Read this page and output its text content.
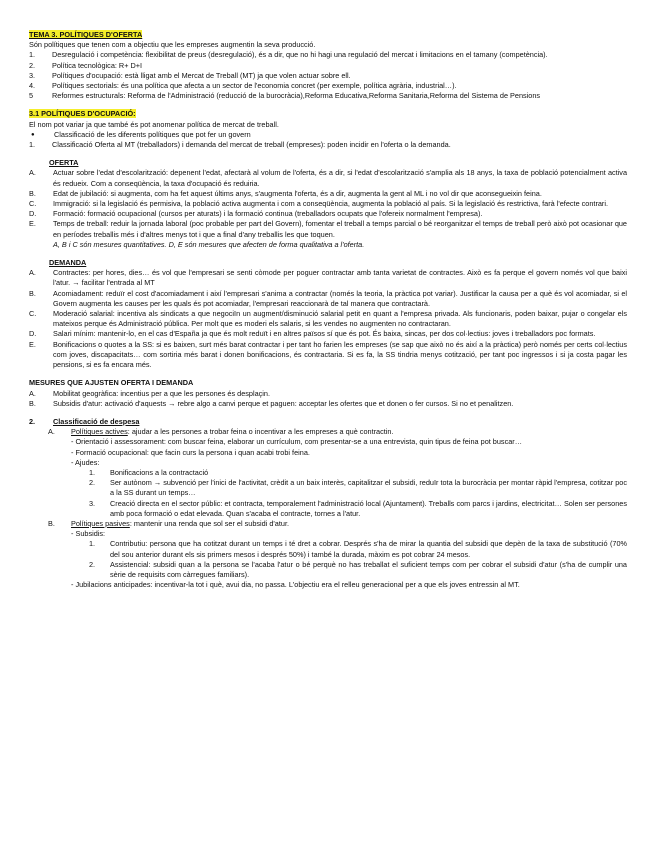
TEMA 3. POLÍTIQUES D'OFERTA
Són polítiques que tenen com a objectiu que les empreses augmentin la seva producció.
1.	Desregulació i competència: flexibilitat de preus (desregulació), és a dir, que no hi hagi una regulació del mercat i limitacions en el tamany (competència).
2.	Política tecnològica: R+ D+I
3.	Polítiques d'ocupació: està lligat amb el Mercat de Treball (MT) ja que volen actuar sobre ell.
4.	Polítiques sectorials: és una política que afecta a un sector de l'economia concret (per exemple, política agrària, industrial…).
5	Reformes estructurals: Reforma de l'Administració (reducció de la burocràcia),Reforma Educativa,Reforma Sanitaria,Reforma del Sistema de Pensions
3.1 POLÍTIQUES D'OCUPACIÓ:
El nom pot variar ja que també és pot anomenar política de mercat de treball.
●	Classificació de les diferents polítiques que pot fer un govern
1.	Classificació Oferta al MT (treballadors) i demanda del mercat de treball (empreses): poden incidir en l'oferta o la demanda.
OFERTA
A.	Actuar sobre l'edat d'escolarització: depenent l'edat, afectarà al volum de l'oferta, és a dir, si l'edat d'escolarització s'amplia als 18 anys, la taxa de població potencialment activa és redueix. Com a conseqüència, la taxa d'ocupació és reduiria.
B.	Edat de jubilació: si augmenta, com ha fet aquest últims anys, s'augmenta l'oferta, és a dir, augmenta la gent al ML i no vol dir que aconsegueixin feina.
C.	Immigració: si la legislació és permisiva, la població activa augmenta i com a conseqüència, augmenta la població al país. Si la legislació és restrictiva, farà l'efecte contrari.
D.	Formació: formació ocupacional (cursos per aturats) i la formació continua (treballadors ocupats que l'ofereix normalment l'empresa).
E.	Temps de treball: reduir la jornada laboral (poc probable per part del Govern), fomentar el treball a temps parcial o bé reorganitzar el temps de treball però això pot ocasionar que en períodes treballis més i d'altres menys tot i que a final d'any treballis les que toquen.
A, B i C són mesures quantitatives. D, E són mesures que afecten de forma qualitativa a l'oferta.
DEMANDA
A.	Contractes: per hores, dies… és vol que l'empresari se senti còmode per poguer contractar amb tanta varietat de contractes. Això es fa perque el govern només vol que baixi l'atur. → facilitar l'entrada al MT
B.	Acomiadament: reduïr el cost d'acomiadament i així l'empresari s'anima a contractar (només la teoria, la pràctica pot variar). Justificar la causa per a què és vol acomiadar, si el Govern augmenta les causes per les quals és pot acomiadar, l'empresari reaccionarà de tal manera que contractarà.
C.	Moderació salarial: incentiva als sindicats a que negociïn un augment/disminució salarial petit en quant a l'empresa privada. Als funcionaris, poden baixar, pujar o congelar els mateixos perque és Administració pública. Per molt que es moderi els salaris, si les vendes no augmenten no contractaran.
D.	Salari mínim: mantenir-lo, en el cas d'España ja que és molt reduït i en altres països sí que és pot. És baixa, sincas, per dos col·lectius: joves i treballadors poc formats.
E.	Bonificacions o quotes a la SS: si es baixen, surt més barat contractar i per tant ho farien les empreses (se sap que això no és així a la pràctica) però només per certs col·lectius com joves, discapacitats… com sortiria més barat i donen bonificacions, és contractaria. Si es fa, la SS tindria menys cotització, per tant poc ingressos i si ja costa pagar les pensions, si es fa encara més.
MESURES QUE AJUSTEN OFERTA I DEMANDA
A.	Mobilitat geogràfica: incentius per a que les persones és desplaçin.
B.	Subsidis d'atur: activació d'aquests → rebre algo a canvi perque et paguen: acceptar les ofertes que et donen o fer cursos. Si no et penalitzen.
2.	Classificació de despesa
A.	Polítiques actives: ajudar a les persones a trobar feina o incentivar a les empreses a què contractin.
- Orientació i assessorament: com buscar feina, elaborar un currículum, com presentar-se a una entrevista, quin tipus de feina pot buscar…
- Formació ocupacional: que facin curs la persona i quan acabi trobi feina.
- Ajudes:
1.	Bonificacions a la contractació
2.	Ser autònom → subvenció per l'inici de l'activitat, crèdit a un baix interès, capitalitzar el subsidi, reduïr tota la burocràcia per montar ràpid l'empresa, cotitzar poc a la SS durant un temps…
3.	Creació directa en el sector públic: et contracta, temporalement l'administració local (Ajuntament). Treballs com parcs i jardins, electricitat… Solen ser persones amb poca formació o edat elevada. Quan s'acaba el contracte, tornes a l'atur.
B.	Polítiques pasives: mantenir una renda que sol ser el subsidi d'atur.
- Subsidis:
1.	Contributiu: persona que ha cotitzat durant un temps i té dret a cobrar. Després s'ha de mirar la quantia del subsidi que depèn de la taxa de substitució (70% del sou anterior durant els sis primers mesos i després 50%) i també la durada, màxim es pot cobrar 24 mesos.
2.	Assistencial: subsidi quan a la persona se l'acaba l'atur o bé perquè no has treballat el suficient temps com per cobrar el subsidi d'atur (s'ha de cumplir una sèrie de requisits com càrregues familiars).
- Jubilacions anticipades: incentivar-la tot i què, avui dia, no passa. L'objectiu era el relleu generacional per a que els joves entressin al MT.
